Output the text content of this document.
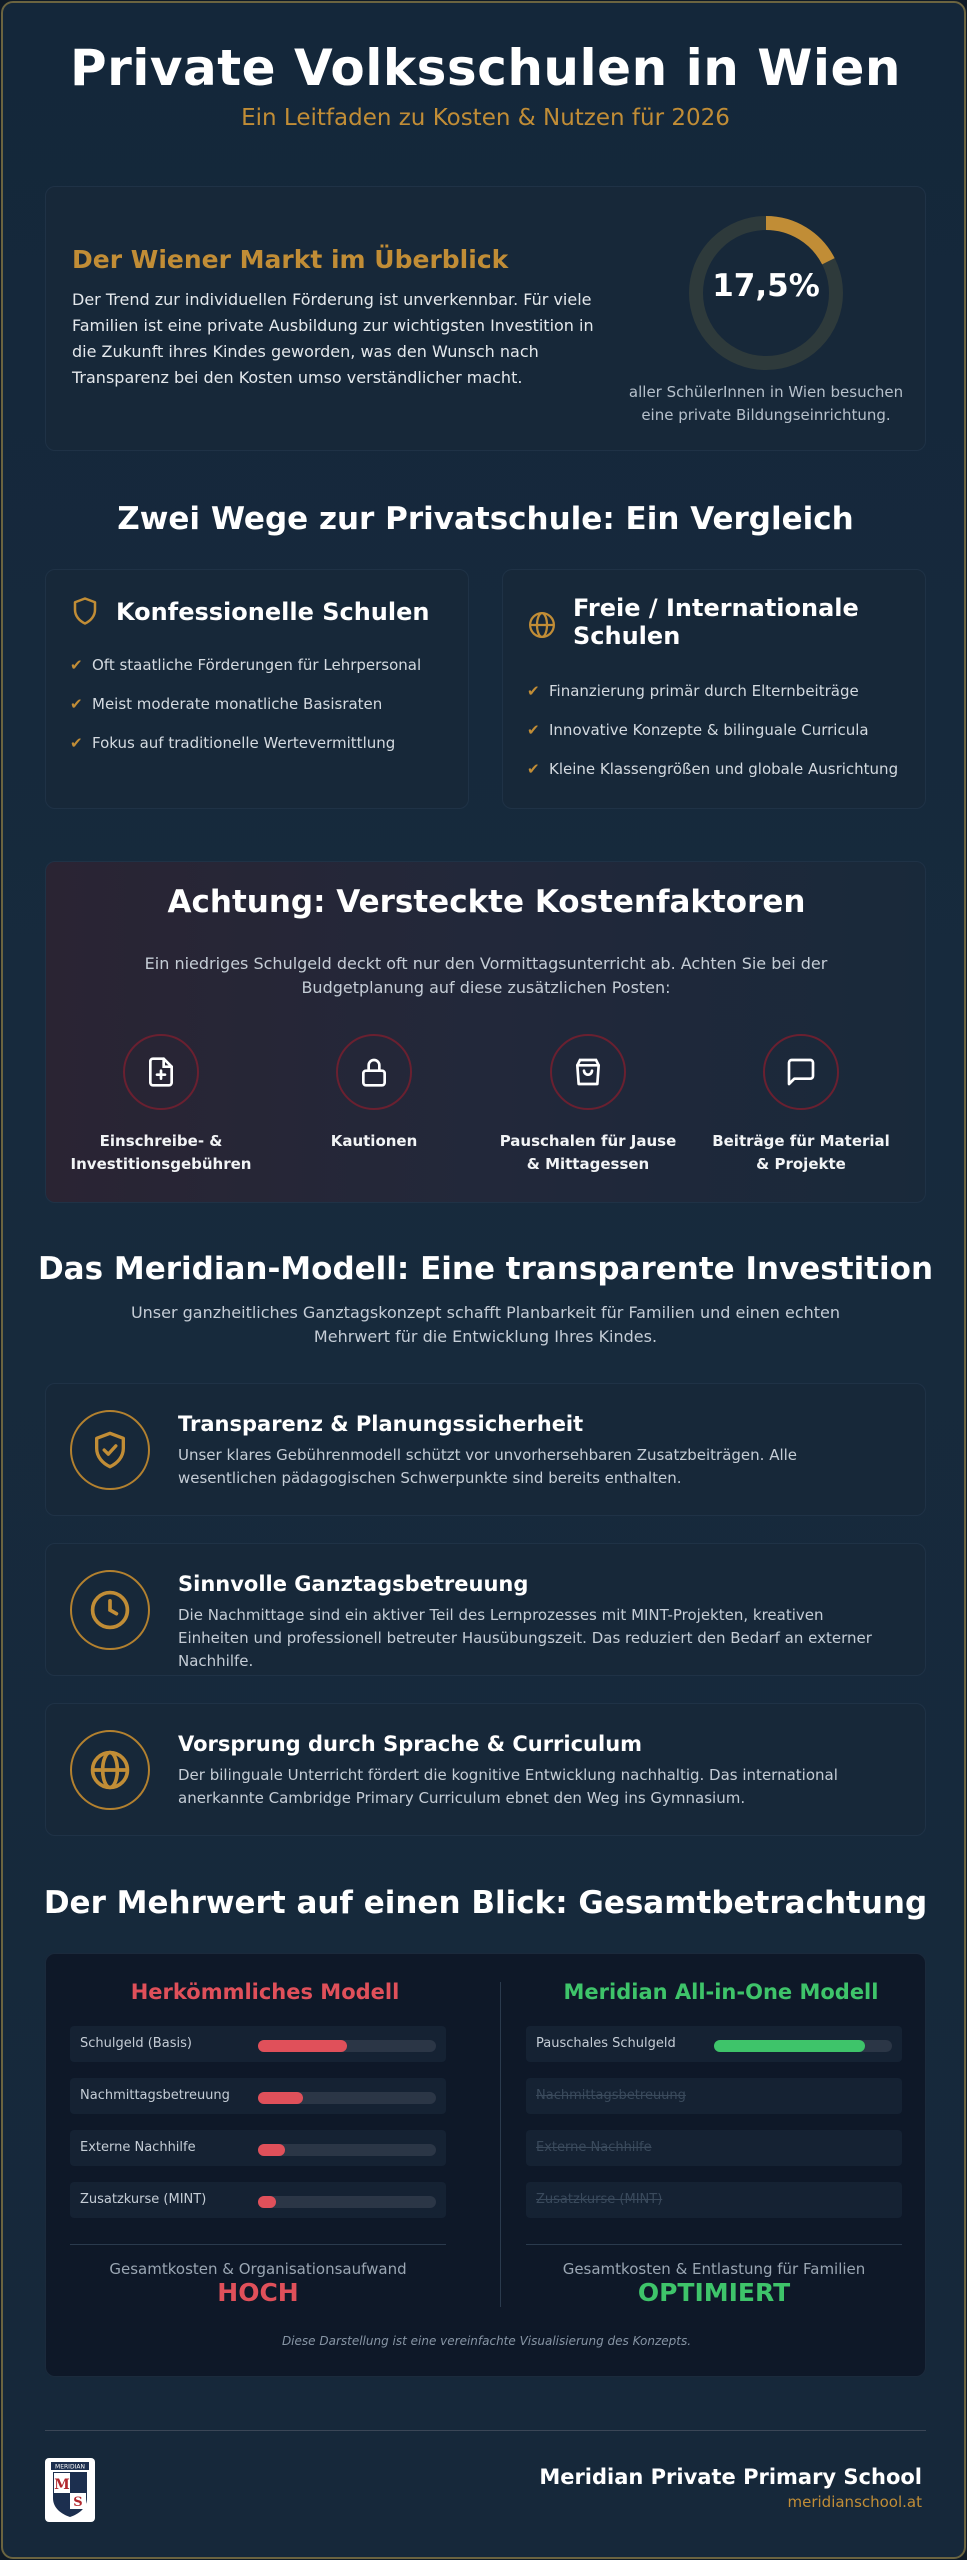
Private Volksschulen in Wien
Ein Leitfaden zu Kosten & Nutzen für 2026
Der Wiener Markt im Überblick

Der Trend zur individuellen Förderung ist unverkennbar. Für viele Familien ist eine private Ausbildung zur wichtigsten Investition in die Zukunft ihres Kindes geworden, was den Wunsch nach Transparenz bei den Kosten umso verständlicher macht.

17,5%
aller SchülerInnen in Wien besuchen eine private Bildungseinrichtung.
Zwei Wege zur Privatschule: Ein Vergleich
Konfessionelle Schulen
✔ Oft staatliche Förderungen für Lehrpersonal
✔ Meist moderate monatliche Basisraten
✔ Fokus auf traditionelle Wertevermittlung
Freie / Internationale
Schulen
✔ Finanzierung primär durch Elternbeiträge
✔ Innovative Konzepte & bilinguale Curricula
✔ Kleine Klassengrößen und globale Ausrichtung
Achtung: Versteckte Kostenfaktoren

Ein niedriges Schulgeld deckt oft nur den Vormittagsunterricht ab. Achten Sie bei der Budgetplanung auf diese zusätzlichen Posten:

Einschreibe- &
Investitionsgebühren
Kautionen	Pauschalen für Jause
& Mittagessen
Beiträge für Material
& Projekte
Das Meridian-Modell: Eine transparente Investition
Unser ganzheitliches Ganztagskonzept schafft Planbarkeit für Familien und einen echten Mehrwert für die Entwicklung Ihres Kindes.
Transparenz & Planungssicherheit

Unser klares Gebührenmodell schützt vor unvorhersehbaren Zusatzbeiträgen. Alle wesentlichen pädagogischen Schwerpunkte sind bereits enthalten.

Sinnvolle Ganztagsbetreuung

Die Nachmittage sind ein aktiver Teil des Lernprozesses mit MINT-Projekten, kreativen Einheiten und professionell betreuter Hausübungszeit. Das reduziert den Bedarf an externer Nachhilfe.

Vorsprung durch Sprache & Curriculum

Der bilinguale Unterricht fördert die kognitive Entwicklung nachhaltig. Das international anerkannte Cambridge Primary Curriculum ebnet den Weg ins Gymnasium.

Der Mehrwert auf einen Blick: Gesamtbetrachtung
Herkömmliches Modell	Meridian All-in-One Modell
Schulgeld (Basis)
Nachmittagsbetreuung
Externe Nachhilfe
Zusatzkurse (MINT)
Pauschales Schulgeld
Nachmittagsbetreuung
Externe Nachhilfe
Zusatzkurse (MINT)
Gesamtkosten & Organisationsaufwand
HOCH
Gesamtkosten & Entlastung für Familien
OPTIMIERT
Diese Darstellung ist eine vereinfachte Visualisierung des Konzepts.
MERIDIAN
M
S
Meridian Private Primary School
meridianschool.at
